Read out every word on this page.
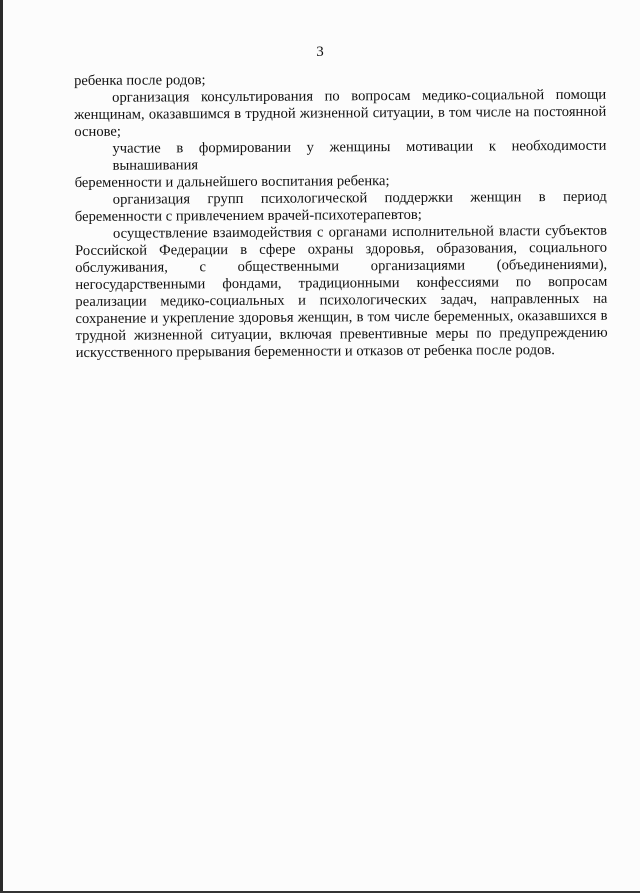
3
ребенка после родов;
организация консультирования по вопросам медико-социальной помощи
женщинам, оказавшимся в трудной жизненной ситуации, в том числе на постоянной
основе;
участие в формировании у женщины мотивации к необходимости вынашивания
беременности и дальнейшего воспитания ребенка;
организация групп психологической поддержки женщин в период
беременности с привлечением врачей-психотерапевтов;
осуществление взаимодействия с органами исполнительной власти субъектов
Российской Федерации в сфере охраны здоровья, образования, социального
обслуживания, с общественными организациями (объединениями),
негосударственными фондами, традиционными конфессиями по вопросам
реализации медико-социальных и психологических задач, направленных на
сохранение и укрепление здоровья женщин, в том числе беременных, оказавшихся в
трудной жизненной ситуации, включая превентивные меры по предупреждению
искусственного прерывания беременности и отказов от ребенка после родов.
